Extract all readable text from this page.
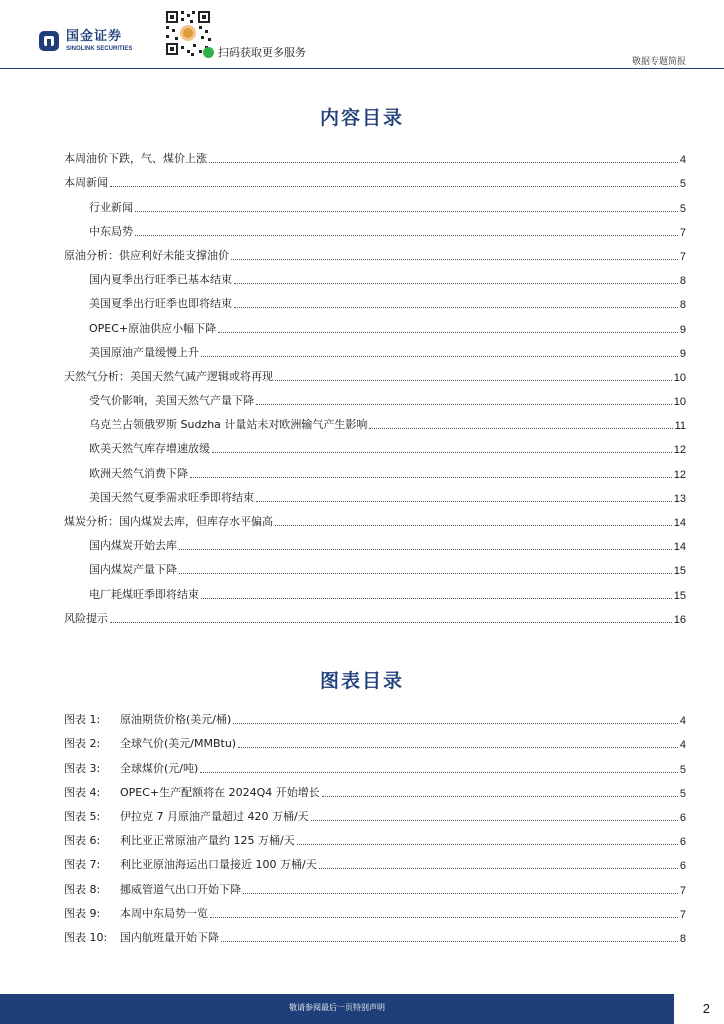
国金证券
SINOLINK SECURITIES	扫码获取更多服务
敬据专题简报
内容目录
本周油价下跌，气、煤价上涨	4
本周新闻	5
行业新闻	5
中东局势	7
原油分析：供应利好未能支撑油价	7
国内夏季出行旺季已基本结束	8
美国夏季出行旺季也即将结束	8
OPEC+原油供应小幅下降	9
美国原油产量缓慢上升	9
天然气分析：美国天然气减产逻辑或将再现	10
受气价影响，美国天然气产量下降	10
乌克兰占领俄罗斯 Sudzha 计量站未对欧洲输气产生影响	11
欧美天然气库存增速放缓	12
欧洲天然气消费下降	12
美国天然气夏季需求旺季即将结束	13
煤炭分析：国内煤炭去库，但库存水平偏高	14
国内煤炭开始去库	14
国内煤炭产量下降	15
电厂耗煤旺季即将结束	15
风险提示	16
图表目录
图表 1: 原油期货价格(美元/桶)	4
图表 2: 全球气价(美元/MMBtu)	4
图表 3: 全球煤价(元/吨)	5
图表 4: OPEC+生产配额将在 2024Q4 开始增长	5
图表 5: 伊拉克 7 月原油产量超过 420 万桶/天	6
图表 6: 利比亚正常原油产量约 125 万桶/天	6
图表 7: 利比亚原油海运出口量接近 100 万桶/天	6
图表 8: 挪威管道气出口开始下降	7
图表 9: 本周中东局势一览	7
图表 10: 国内航班量开始下降	8
敬请参阅最后一页特别声明	2
